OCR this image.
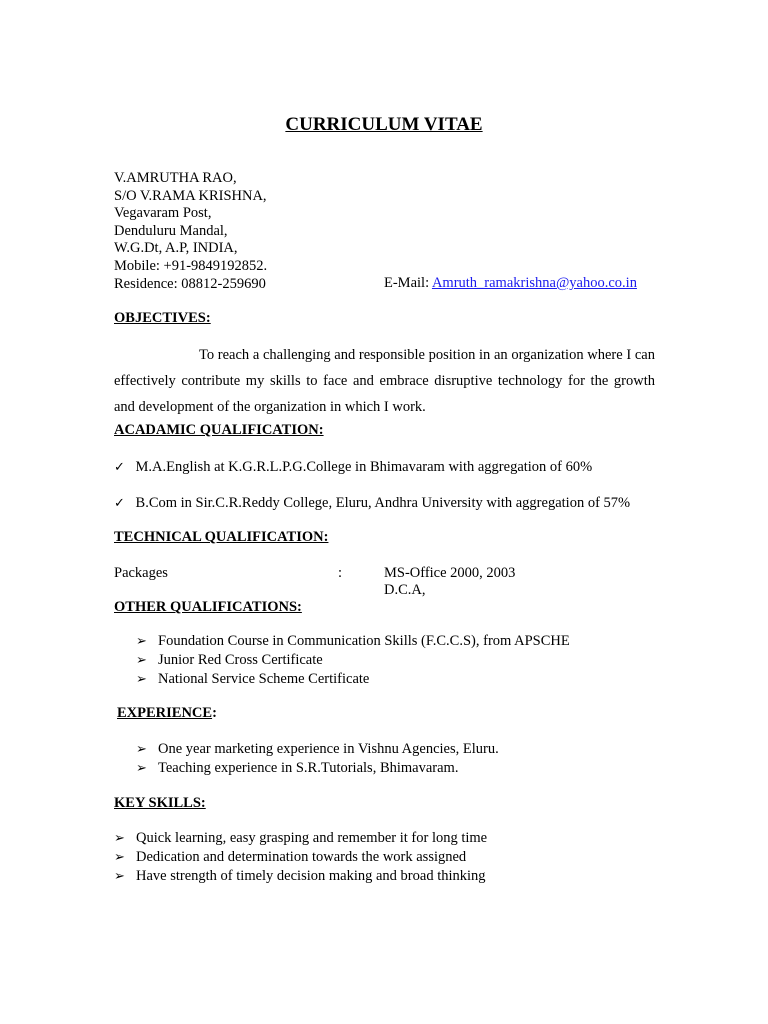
CURRICULUM VITAE
V.AMRUTHA RAO,
S/O V.RAMA KRISHNA,
Vegavaram Post,
Denduluru Mandal,
W.G.Dt, A.P, INDIA,
Mobile: +91-9849192852.
Residence: 08812-259690	E-Mail: Amruth_ramakrishna@yahoo.co.in
OBJECTIVES:
To reach a challenging and responsible position in an organization where I can effectively contribute my skills to face and embrace disruptive technology for the growth and development of the organization in which I work.
ACADAMIC QUALIFICATION:
✓ M.A.English at K.G.R.L.P.G.College in Bhimavaram with aggregation of 60%
✓ B.Com in Sir.C.R.Reddy College, Eluru, Andhra University with aggregation of 57%
TECHNICAL QUALIFICATION:
Packages	:	MS-Office 2000, 2003
D.C.A,
OTHER QUALIFICATIONS:
➢ Foundation Course in Communication Skills (F.C.C.S), from APSCHE
➢ Junior Red Cross Certificate
➢ National Service Scheme Certificate
EXPERIENCE:
➢ One year marketing experience in Vishnu Agencies, Eluru.
➢ Teaching experience in S.R.Tutorials, Bhimavaram.
KEY SKILLS:
➢ Quick learning, easy grasping and remember it for long time
➢ Dedication and determination towards the work assigned
➢ Have strength of timely decision making and broad thinking
